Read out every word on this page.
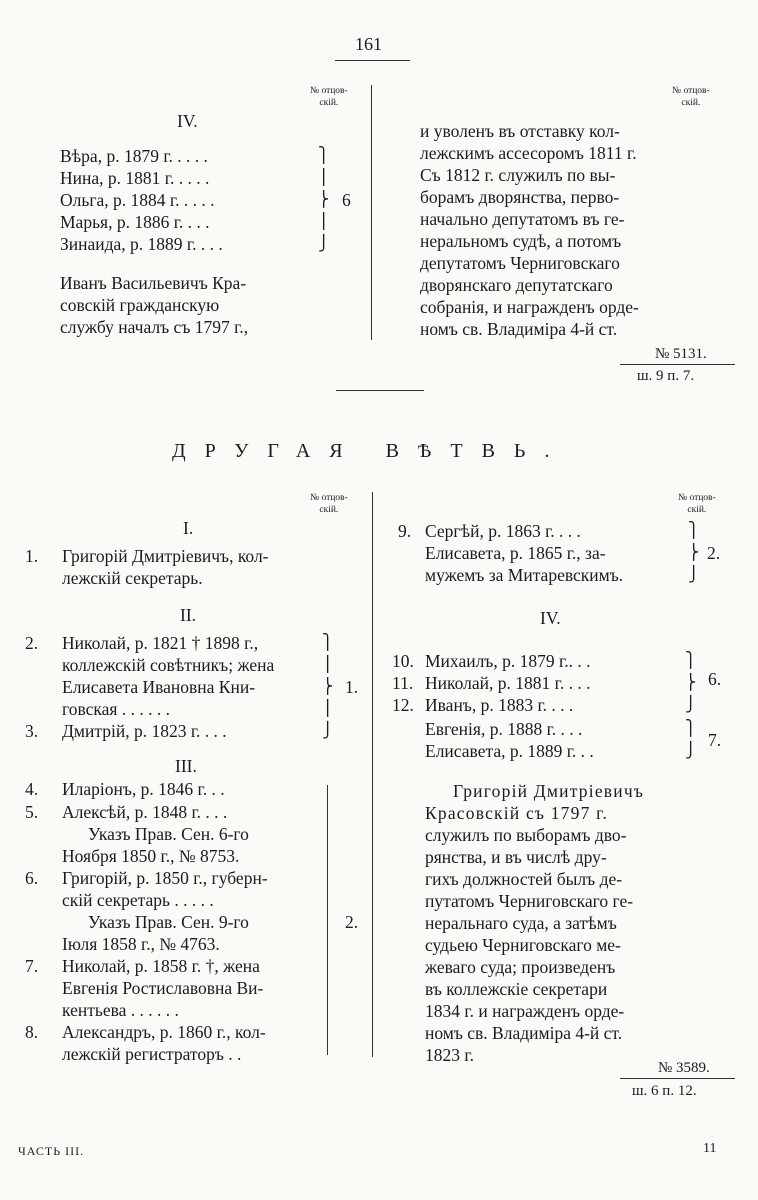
161
№ отцов-
скій.
№ отцов-
скій.
IV.
Вѣра, р. 1879 г. . . . .
Нина, р. 1881 г. . . . .
Ольга, р. 1884 г. . . . .
Марья, р. 1886 г. . . .
Зинаида, р. 1889 г. . . .
⎫
⎪
⎬
⎪
⎭
6
Иванъ Васильевичъ Кра-
совскій гражданскую
службу началъ съ 1797 г.,
и уволенъ въ отставку кол-
лежскимъ ассесоромъ 1811 г.
Съ 1812 г. служилъ по вы-
борамъ дворянства, перво-
начально депутатомъ въ ге-
неральномъ судѣ, а потомъ
депутатомъ Черниговскаго
дворянскаго депутатскаго
собранія, и награжденъ орде-
номъ св. Владиміра 4-й ст.
№ 5131.
ш. 9 п. 7.
ДРУГАЯ ВѢТВЬ.
№ отцов-
скій.
№ отцов-
скій.
I.
1. Григорій Дмитріевичъ, кол-
лежскій секретарь.
II.
2. Николай, р. 1821 † 1898 г.,
коллежскій совѣтникъ; жена
Елисавета Ивановна Кни-
говская . . . . . .
3. Дмитрій, р. 1823 г. . . .
⎫
⎪
⎬
⎪
⎭
1.
III.
4. Иларіонъ, р. 1846 г. . .
5. Алексѣй, р. 1848 г. . . .
Указъ Прав. Сен. 6-го
Ноября 1850 г., № 8753.
6. Григорій, р. 1850 г., губерн-
скій секретарь . . . . .
Указъ Прав. Сен. 9-го
Іюля 1858 г., № 4763.
7. Николай, р. 1858 г. †, жена
Евгенія Ростиславовна Ви-
кентьева . . . . . .
8. Александръ, р. 1860 г., кол-
лежскій регистраторъ . .
2.
9. Сергѣй, р. 1863 г. . . .
Елисавета, р. 1865 г., за-
мужемъ за Митаревскимъ.
⎫
⎬
⎭
2.
IV.
10. Михаилъ, р. 1879 г.. . .
11. Николай, р. 1881 г. . . .
12. Иванъ, р. 1883 г. . . .
⎫
⎬
⎭
6.
Евгенія, р. 1888 г. . . .
Елисавета, р. 1889 г. . .
⎫
⎭
7.
Григорій Дмитріевичъ
Красовскій съ 1797 г.
служилъ по выборамъ дво-
рянства, и въ числѣ дру-
гихъ должностей былъ де-
путатомъ Черниговскаго ге-
неральнаго суда, а затѣмъ
судьею Черниговскаго ме-
жеваго суда; произведенъ
въ коллежскіе секретари
1834 г. и награжденъ орде-
номъ св. Владиміра 4-й ст.
1823 г.
№ 3589.
ш. 6 п. 12.
ЧАСТЬ III.	11
